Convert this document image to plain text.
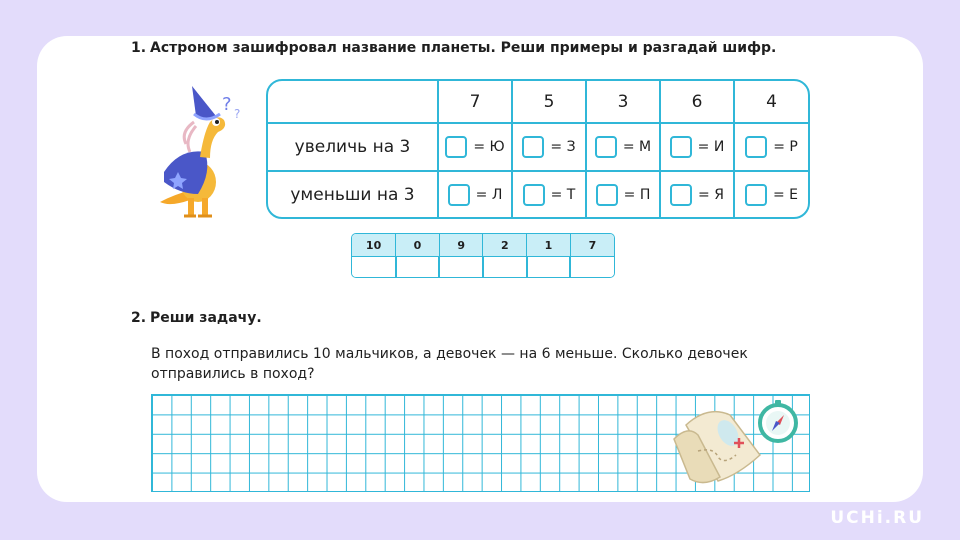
1. Астроном зашифровал название планеты. Реши примеры и разгадай шифр.
? ?
	7	5	3	6	4
увеличь на 3	= Ю	= З	= М	= И	= Р

уменьши на 3	= Л	= Т	= П	= Я	= Е
10	0	9	2	1	7

2. Реши задачу.
В поход отправились 10 мальчиков, а девочек — на 6 меньше. Сколько девочек отправились в поход?
UCHi.RU
